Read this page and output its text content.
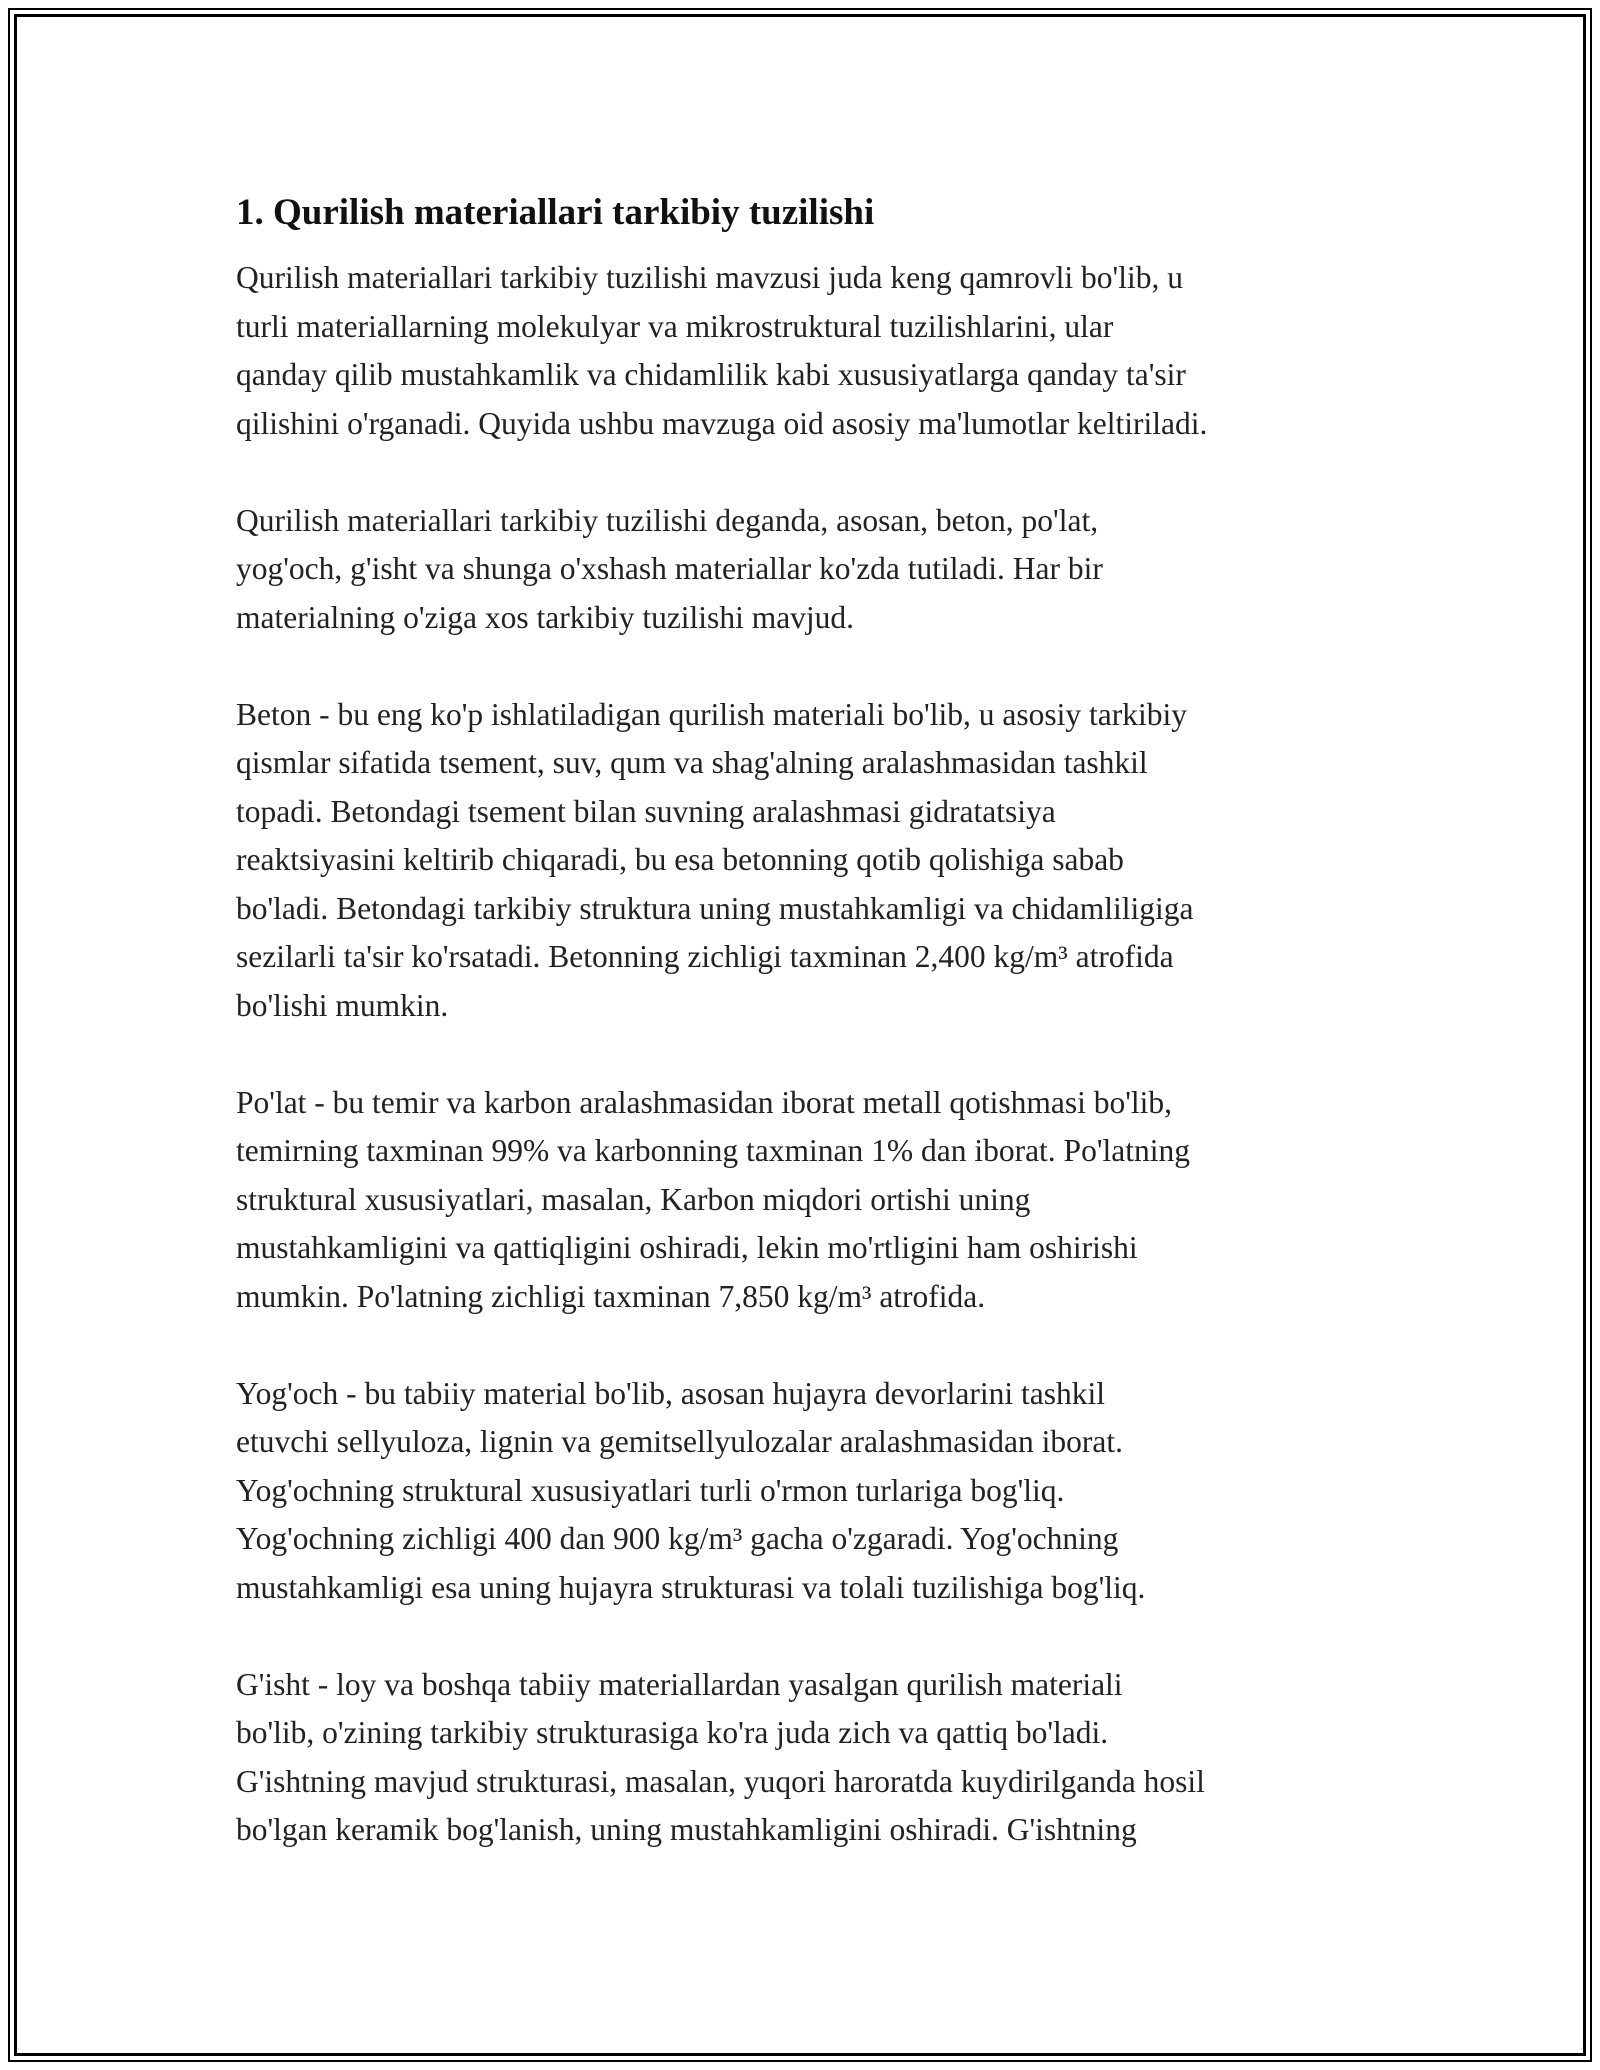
1. Qurilish materiallari tarkibiy tuzilishi

Qurilish materiallari tarkibiy tuzilishi mavzusi juda keng qamrovli bo'lib, u
turli materiallarning molekulyar va mikrostruktural tuzilishlarini, ular
qanday qilib mustahkamlik va chidamlilik kabi xususiyatlarga qanday ta'sir
qilishini o'rganadi. Quyida ushbu mavzuga oid asosiy ma'lumotlar keltiriladi.

Qurilish materiallari tarkibiy tuzilishi deganda, asosan, beton, po'lat,
yog'och, g'isht va shunga o'xshash materiallar ko'zda tutiladi. Har bir
materialning o'ziga xos tarkibiy tuzilishi mavjud.

Beton - bu eng ko'p ishlatiladigan qurilish materiali bo'lib, u asosiy tarkibiy
qismlar sifatida tsement, suv, qum va shag'alning aralashmasidan tashkil
topadi. Betondagi tsement bilan suvning aralashmasi gidratatsiya
reaktsiyasini keltirib chiqaradi, bu esa betonning qotib qolishiga sabab
bo'ladi. Betondagi tarkibiy struktura uning mustahkamligi va chidamliligiga
sezilarli ta'sir ko'rsatadi. Betonning zichligi taxminan 2,400 kg/m³ atrofida
bo'lishi mumkin.

Po'lat - bu temir va karbon aralashmasidan iborat metall qotishmasi bo'lib,
temirning taxminan 99% va karbonning taxminan 1% dan iborat. Po'latning
struktural xususiyatlari, masalan, Karbon miqdori ortishi uning
mustahkamligini va qattiqligini oshiradi, lekin mo'rtligini ham oshirishi
mumkin. Po'latning zichligi taxminan 7,850 kg/m³ atrofida.

Yog'och - bu tabiiy material bo'lib, asosan hujayra devorlarini tashkil
etuvchi sellyuloza, lignin va gemitsellyulozalar aralashmasidan iborat.
Yog'ochning struktural xususiyatlari turli o'rmon turlariga bog'liq.
Yog'ochning zichligi 400 dan 900 kg/m³ gacha o'zgaradi. Yog'ochning
mustahkamligi esa uning hujayra strukturasi va tolali tuzilishiga bog'liq.

G'isht - loy va boshqa tabiiy materiallardan yasalgan qurilish materiali
bo'lib, o'zining tarkibiy strukturasiga ko'ra juda zich va qattiq bo'ladi.
G'ishtning mavjud strukturasi, masalan, yuqori haroratda kuydirilganda hosil
bo'lgan keramik bog'lanish, uning mustahkamligini oshiradi. G'ishtning
